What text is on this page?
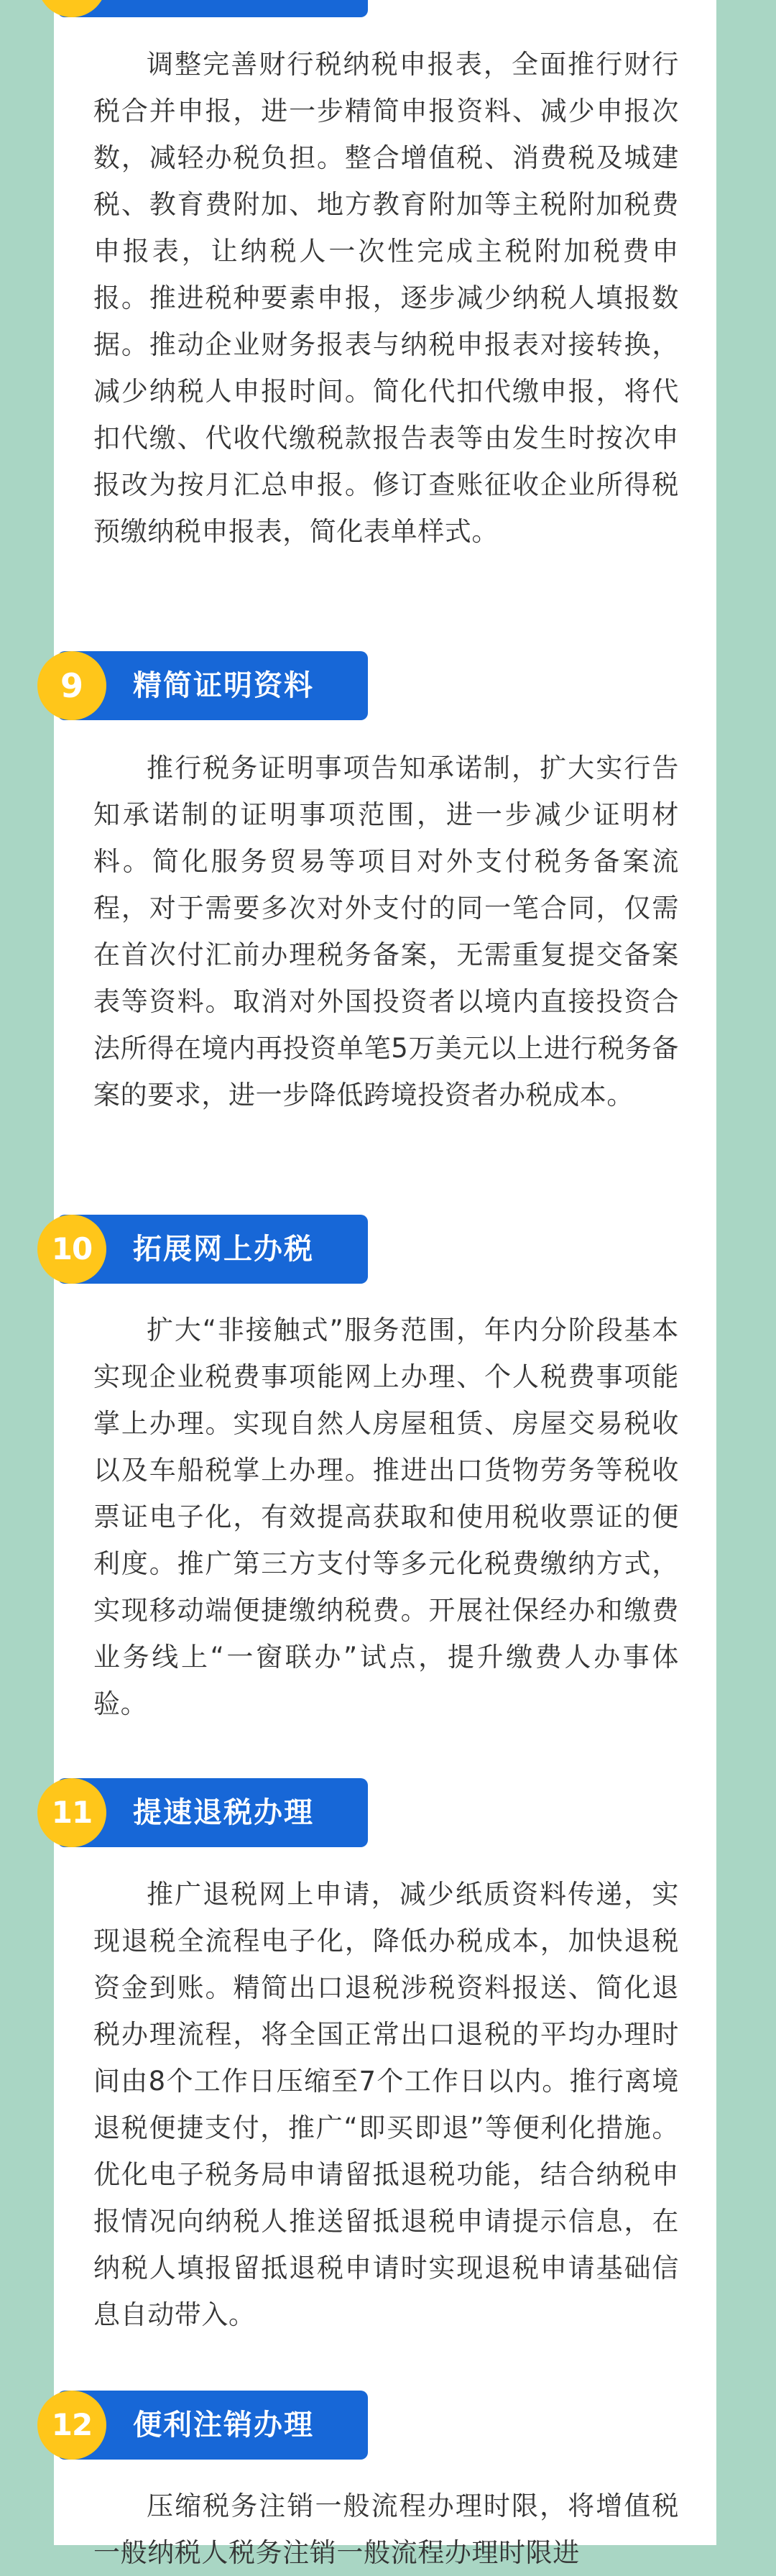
调整完善财行税纳税申报表，全面推行财行税合并申报，进一步精简申报资料、减少申报次数，减轻办税负担。整合增值税、消费税及城建税、教育费附加、地方教育附加等主税附加税费申报表，让纳税人一次性完成主税附加税费申报。推进税种要素申报，逐步减少纳税人填报数据。推动企业财务报表与纳税申报表对接转换，减少纳税人申报时间。简化代扣代缴申报，将代扣代缴、代收代缴税款报告表等由发生时按次申报改为按月汇总申报。修订查账征收企业所得税预缴纳税申报表，简化表单样式。

9	精简证明资料

推行税务证明事项告知承诺制，扩大实行告知承诺制的证明事项范围，进一步减少证明材料。简化服务贸易等项目对外支付税务备案流程，对于需要多次对外支付的同一笔合同，仅需在首次付汇前办理税务备案，无需重复提交备案表等资料。取消对外国投资者以境内直接投资合法所得在境内再投资单笔5万美元以上进行税务备案的要求，进一步降低跨境投资者办税成本。

10	拓展网上办税

扩大“非接触式”服务范围，年内分阶段基本实现企业税费事项能网上办理、个人税费事项能掌上办理。实现自然人房屋租赁、房屋交易税收以及车船税掌上办理。推进出口货物劳务等税收票证电子化，有效提高获取和使用税收票证的便利度。推广第三方支付等多元化税费缴纳方式，实现移动端便捷缴纳税费。开展社保经办和缴费业务线上“一窗联办”试点，提升缴费人办事体验。

11	提速退税办理

推广退税网上申请，减少纸质资料传递，实现退税全流程电子化，降低办税成本，加快退税资金到账。精简出口退税涉税资料报送、简化退税办理流程，将全国正常出口退税的平均办理时间由8个工作日压缩至7个工作日以内。推行离境退税便捷支付，推广“即买即退”等便利化措施。优化电子税务局申请留抵退税功能，结合纳税申报情况向纳税人推送留抵退税申请提示信息，在纳税人填报留抵退税申请时实现退税申请基础信息自动带入。

12	便利注销办理

压缩税务注销一般流程办理时限，将增值税一般纳税人税务注销一般流程办理时限进
